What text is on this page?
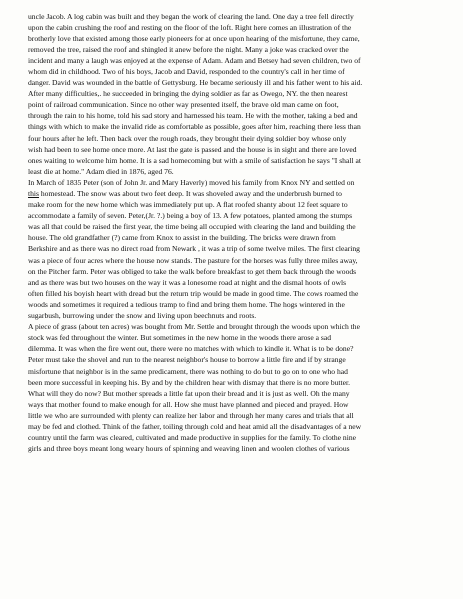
uncle Jacob. A log cabin was built and they began the work of clearing the land. One day a tree fell directly
upon the cabin crushing the roof and resting on the floor of the loft. Right here comes an illustration of the
brotherly love that existed among those early pioneers for at once upon hearing of the misfortune, they came,
removed the tree, raised the roof and shingled it anew before the night. Many a joke was cracked over the
incident and many a laugh was enjoyed at the expense of Adam. Adam and Betsey had seven children, two of
whom did in childhood. Two of his boys, Jacob and David, responded to the country's call in her time of
danger. David was wounded in the battle of Gettysburg. He became seriously ill and his father went to his aid.
After many difficulties,. he succeeded in bringing the dying soldier as far as Owego, NY. the then nearest
point of railroad communication. Since no other way presented itself, the brave old man came on foot,
through the rain to his home, told his sad story and harnessed his team. He with the mother, taking a bed and
things with which to make the invalid ride as comfortable as possible, goes after him, reaching there less than
four hours after he left. Then back over the rough roads, they brought their dying soldier boy whose only
wish had been to see home once more. At last the gate is passed and the house is in sight and there are loved
ones waiting to welcome him home. It is a sad homecoming but with a smile of satisfaction he says "I shall at
least die at home." Adam died in 1876, aged 76.
In March of 1835 Peter (son of John Jr. and Mary Haverly) moved his family from Knox NY and settled on
this homestead. The snow was about two feet deep. It was shoveled away and the underbrush burned to
make room for the new home which was immediately put up. A flat roofed shanty about 12 feet square to
accommodate a family of seven. Peter,(Jr. ?.) being a boy of 13. A few potatoes, planted among the stumps
was all that could be raised the first year, the time being all occupied with clearing the land and building the
house. The old grandfather (?) came from Knox to assist in the building. The bricks were drawn from
Berkshire and as there was no direct road from Newark , it was a trip of some twelve miles. The first clearing
was a piece of four acres where the house now stands. The pasture for the horses was fully three miles away,
on the Pitcher farm. Peter was obliged to take the walk before breakfast to get them back through the woods
and as there was but two houses on the way it was a lonesome road at night and the dismal hoots of owls
often filled his boyish heart with dread but the return trip would be made in good time. The cows roamed the
woods and sometimes it required a tedious tramp to find and bring them home. The hogs wintered in the
sugarbush, burrowing under the snow and living upon beechnuts and roots.
A piece of grass (about ten acres) was bought from Mr. Settle and brought through the woods upon which the
stock was fed throughout the winter. But sometimes in the new home in the woods there arose a sad
dilemma. It was when the fire went out, there were no matches with which to kindle it. What is to be done?
Peter must take the shovel and run to the nearest neighbor's house to borrow a little fire and if by strange
misfortune that neighbor is in the same predicament, there was nothing to do but to go on to one who had
been more successful in keeping his. By and by the children hear with dismay that there is no more butter.
What will they do now? But mother spreads a little fat upon their bread and it is just as well. Oh the many
ways that mother found to make enough for all. How she must have planned and pieced and prayed. How
little we who are surrounded with plenty can realize her labor and through her many cares and trials that all
may be fed and clothed. Think of the father, toiling through cold and heat amid all the disadvantages of a new
country until the farm was cleared, cultivated and made productive in supplies for the family. To clothe nine
girls and three boys meant long weary hours of spinning and weaving linen and woolen clothes of various
